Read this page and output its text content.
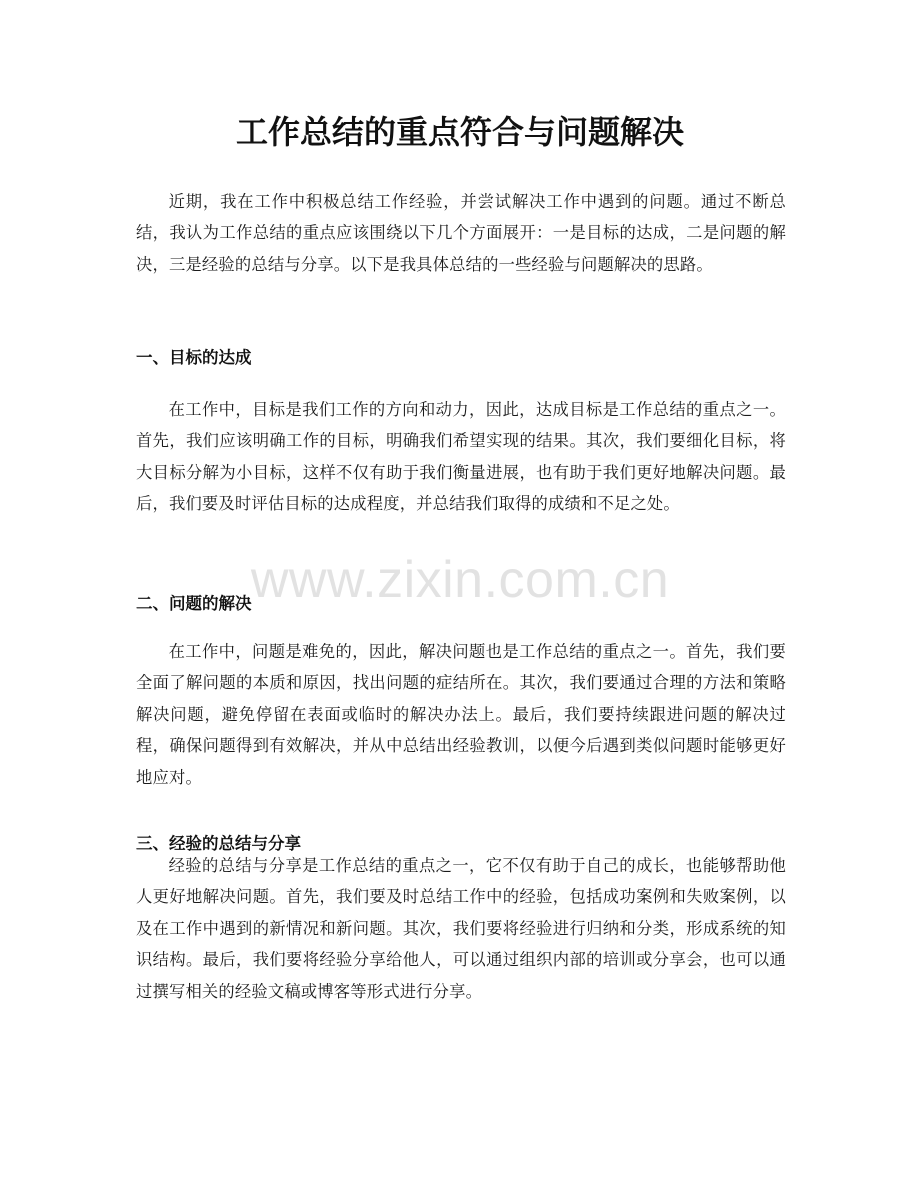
工作总结的重点符合与问题解决

近期，我在工作中积极总结工作经验，并尝试解决工作中遇到的问题。通过不断总结，我认为工作总结的重点应该围绕以下几个方面展开：一是目标的达成，二是问题的解决，三是经验的总结与分享。以下是我具体总结的一些经验与问题解决的思路。

一、目标的达成

在工作中，目标是我们工作的方向和动力，因此，达成目标是工作总结的重点之一。首先，我们应该明确工作的目标，明确我们希望实现的结果。其次，我们要细化目标，将大目标分解为小目标，这样不仅有助于我们衡量进展，也有助于我们更好地解决问题。最后，我们要及时评估目标的达成程度，并总结我们取得的成绩和不足之处。

二、问题的解决

在工作中，问题是难免的，因此，解决问题也是工作总结的重点之一。首先，我们要全面了解问题的本质和原因，找出问题的症结所在。其次，我们要通过合理的方法和策略解决问题，避免停留在表面或临时的解决办法上。最后，我们要持续跟进问题的解决过程，确保问题得到有效解决，并从中总结出经验教训，以便今后遇到类似问题时能够更好地应对。

三、经验的总结与分享

经验的总结与分享是工作总结的重点之一，它不仅有助于自己的成长，也能够帮助他人更好地解决问题。首先，我们要及时总结工作中的经验，包括成功案例和失败案例，以及在工作中遇到的新情况和新问题。其次，我们要将经验进行归纳和分类，形成系统的知识结构。最后，我们要将经验分享给他人，可以通过组织内部的培训或分享会，也可以通过撰写相关的经验文稿或博客等形式进行分享。

www.zixin.com.cn
